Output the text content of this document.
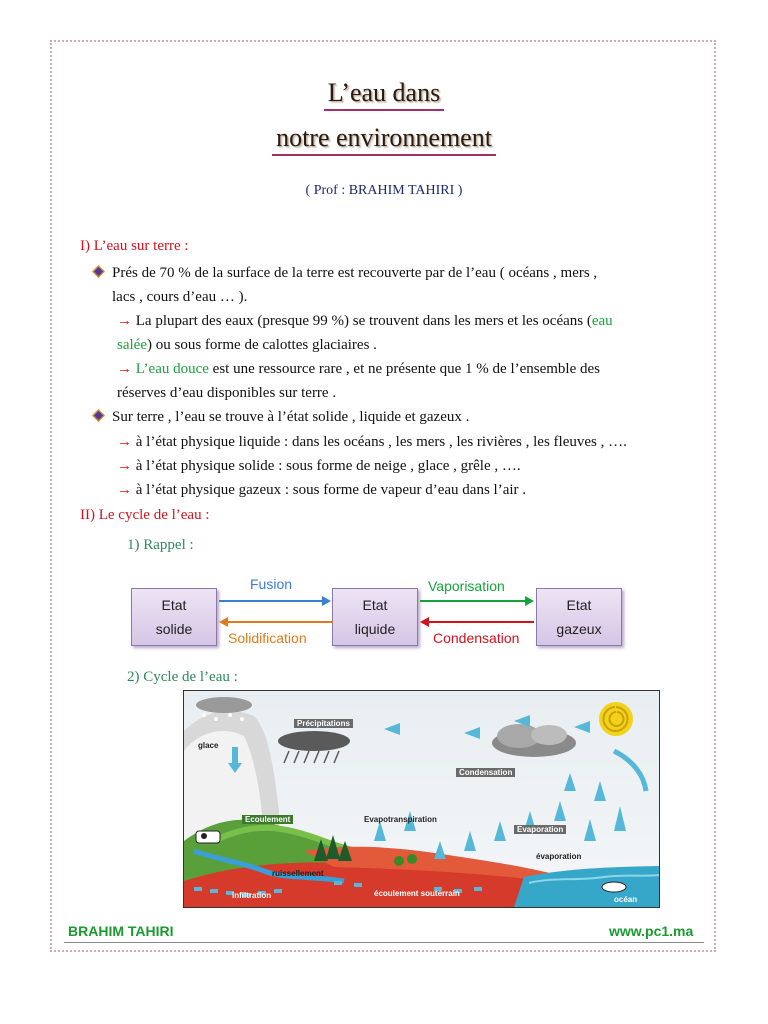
L’eau dans
notre environnement
( Prof : BRAHIM TAHIRI )
I) L’eau sur terre :
Prés de 70 % de la surface de la terre est recouverte par de l’eau ( océans , mers ,
lacs , cours d’eau … ).
→ La plupart des eaux (presque 99 %) se trouvent dans les mers et les océans (eau
salée) ou sous forme de calottes glaciaires .
→ L’eau douce est une ressource rare , et ne présente que 1 % de l’ensemble des
réserves d’eau disponibles sur terre .
Sur terre , l’eau se trouve à l’état solide , liquide et gazeux .
→ à l’état physique liquide : dans les océans , les mers , les rivières , les fleuves , ….
→ à l’état physique solide : sous forme de neige , glace , grêle , ….
→ à l’état physique gazeux : sous forme de vapeur d’eau dans l’air .
II) Le cycle de l’eau :
1) Rappel :
Etat
solide
Etat
liquide
Etat
gazeux
Fusion
Solidification
Vaporisation
Condensation
2) Cycle de l’eau :
Précipitations
glace
Condensation
Ecoulement	Evapotranspiration
Evaporation
évaporation
ruissellement
infiltration	écoulement souterrain
océan
BRAHIM TAHIRI	www.pc1.ma
